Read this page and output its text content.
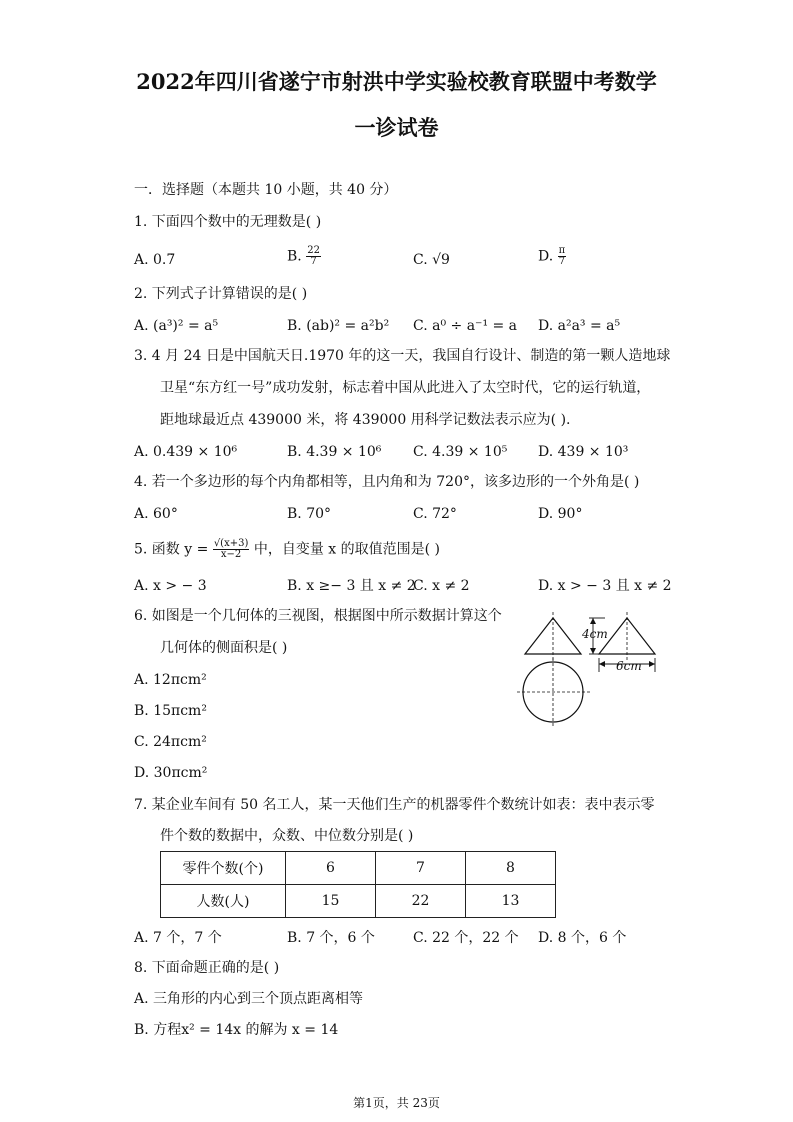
2022年四川省遂宁市射洪中学实验校教育联盟中考数学
一诊试卷
一．选择题（本题共 10 小题，共 40 分）
1. 下面四个数中的无理数是( )
A. 0.7̇	B. $\frac{22}{7}$	C. √9	D. $\frac{\pi}{7}$
2. 下列式子计算错误的是( )
A. (a³)² = a⁵	B. (ab)² = a²b² C. a⁰ ÷ a⁻¹ = a D. a²a³ = a⁵
3. 4 月 24 日是中国航天日.1970 年的这一天，我国自行设计、制造的第一颗人造地球
卫星“东方红一号”成功发射，标志着中国从此进入了太空时代，它的运行轨道，
距地球最近点 439000 米，将 439000 用科学记数法表示应为( ).
A. 0.439 × 10⁶	B. 4.39 × 10⁶ C. 4.39 × 10⁵ D. 439 × 10³
4. 若一个多边形的每个内角都相等，且内角和为 720°，该多边形的一个外角是( )
A. 60°	B. 70°	C. 72°	D. 90°
5. 函数 $y = \frac{√(x+3)}{x-2}$ 中，自变量 x 的取值范围是( )
A. x > − 3	B. x ≥− 3 且 x ≠ 2
C. x ≠ 2	D. x > − 3 且 x ≠ 2
6. 如图是一个几何体的三视图，根据图中所示数据计算这个
几何体的侧面积是( )
A. 12πcm²
B. 15πcm²
C. 24πcm²
D. 30πcm²
4cm
6cm
7. 某企业车间有 50 名工人，某一天他们生产的机器零件个数统计如表：表中表示零
件个数的数据中，众数、中位数分别是( )
零件个数(个)	6	7	8
人数(人)	15	22	13
A. 7 个，7 个	B. 7 个，6 个	C. 22 个，22 个 D. 8 个，6 个
8. 下面命题正确的是( )
A. 三角形的内心到三个顶点距离相等
B. 方程x² = 14x 的解为 x = 14
第1页，共 23页
